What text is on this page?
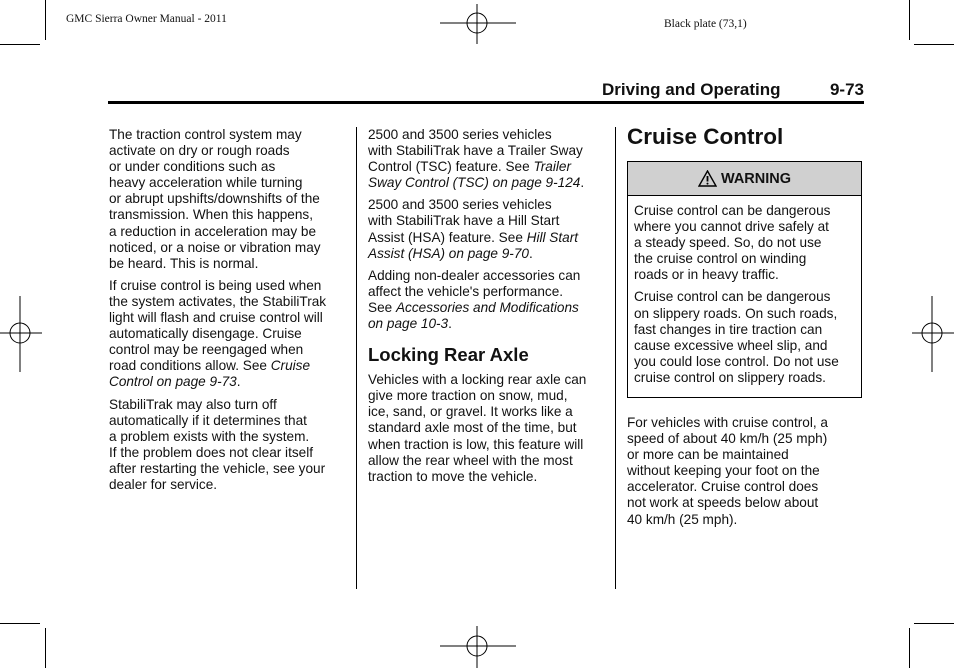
GMC Sierra Owner Manual - 2011	Black plate (73,1)
Driving and Operating	9-73

The traction control system may
activate on dry or rough roads
or under conditions such as
heavy acceleration while turning
or abrupt upshifts/downshifts of the
transmission. When this happens,
a reduction in acceleration may be
noticed, or a noise or vibration may
be heard. This is normal.

If cruise control is being used when
the system activates, the StabiliTrak
light will flash and cruise control will
automatically disengage. Cruise
control may be reengaged when
road conditions allow. See Cruise
Control on page 9-73.

StabiliTrak may also turn off
automatically if it determines that
a problem exists with the system.
If the problem does not clear itself
after restarting the vehicle, see your
dealer for service.

2500 and 3500 series vehicles
with StabiliTrak have a Trailer Sway
Control (TSC) feature. See Trailer
Sway Control (TSC) on page 9-124.

2500 and 3500 series vehicles
with StabiliTrak have a Hill Start
Assist (HSA) feature. See Hill Start
Assist (HSA) on page 9-70.

Adding non-dealer accessories can
affect the vehicle's performance.
See Accessories and Modifications
on page 10-3.

Locking Rear Axle

Vehicles with a locking rear axle can
give more traction on snow, mud,
ice, sand, or gravel. It works like a
standard axle most of the time, but
when traction is low, this feature will
allow the rear wheel with the most
traction to move the vehicle.

Cruise Control
WARNING

Cruise control can be dangerous
where you cannot drive safely at
a steady speed. So, do not use
the cruise control on winding
roads or in heavy traffic.

Cruise control can be dangerous
on slippery roads. On such roads,
fast changes in tire traction can
cause excessive wheel slip, and
you could lose control. Do not use
cruise control on slippery roads.

For vehicles with cruise control, a
speed of about 40 km/h (25 mph)
or more can be maintained
without keeping your foot on the
accelerator. Cruise control does
not work at speeds below about
40 km/h (25 mph).
